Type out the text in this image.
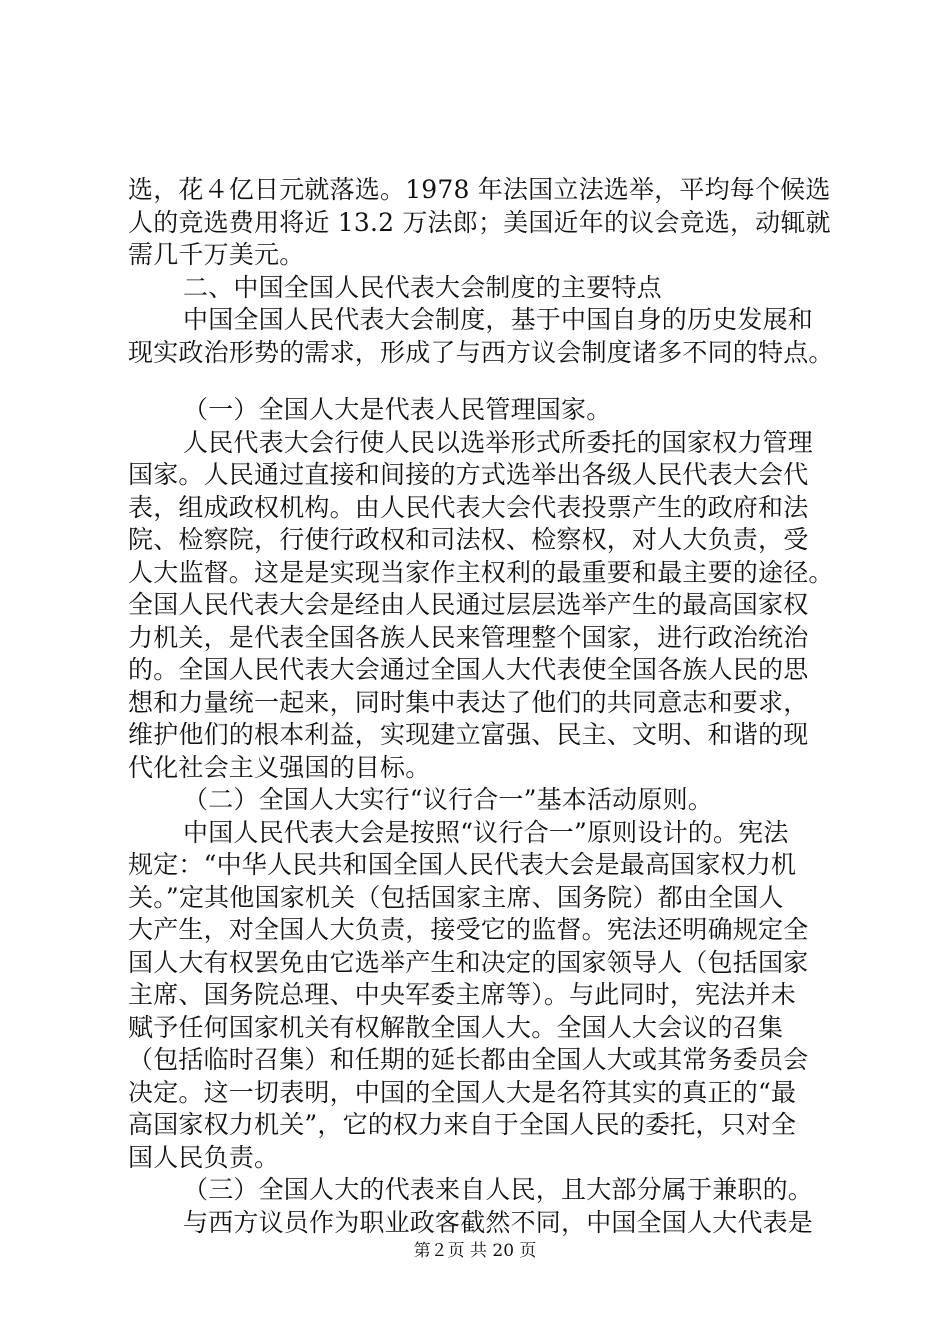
选，花４亿日元就落选。1978 年法国立法选举，平均每个候选
人的竞选费用将近 13.2 万法郎；美国近年的议会竞选，动辄就
需几千万美元。
二、中国全国人民代表大会制度的主要特点
中国全国人民代表大会制度，基于中国自身的历史发展和
现实政治形势的需求，形成了与西方议会制度诸多不同的特点。
（一）全国人大是代表人民管理国家。
人民代表大会行使人民以选举形式所委托的国家权力管理
国家。人民通过直接和间接的方式选举出各级人民代表大会代
表，组成政权机构。由人民代表大会代表投票产生的政府和法
院、检察院，行使行政权和司法权、检察权，对人大负责，受
人大监督。这是是实现当家作主权利的最重要和最主要的途径。
全国人民代表大会是经由人民通过层层选举产生的最高国家权
力机关，是代表全国各族人民来管理整个国家，进行政治统治
的。全国人民代表大会通过全国人大代表使全国各族人民的思
想和力量统一起来，同时集中表达了他们的共同意志和要求，
维护他们的根本利益，实现建立富强、民主、文明、和谐的现
代化社会主义强国的目标。
（二）全国人大实行“议行合一”基本活动原则。
中国人民代表大会是按照“议行合一”原则设计的。宪法
规定：“中华人民共和国全国人民代表大会是最高国家权力机
关。”定其他国家机关（包括国家主席、国务院）都由全国人
大产生，对全国人大负责，接受它的监督。宪法还明确规定全
国人大有权罢免由它选举产生和决定的国家领导人（包括国家
主席、国务院总理、中央军委主席等）。与此同时，宪法并未
赋予任何国家机关有权解散全国人大。全国人大会议的召集
（包括临时召集）和任期的延长都由全国人大或其常务委员会
决定。这一切表明，中国的全国人大是名符其实的真正的“最
高国家权力机关”，它的权力来自于全国人民的委托，只对全
国人民负责。
（三）全国人大的代表来自人民，且大部分属于兼职的。
与西方议员作为职业政客截然不同，中国全国人大代表是
第２页 共 20 页
